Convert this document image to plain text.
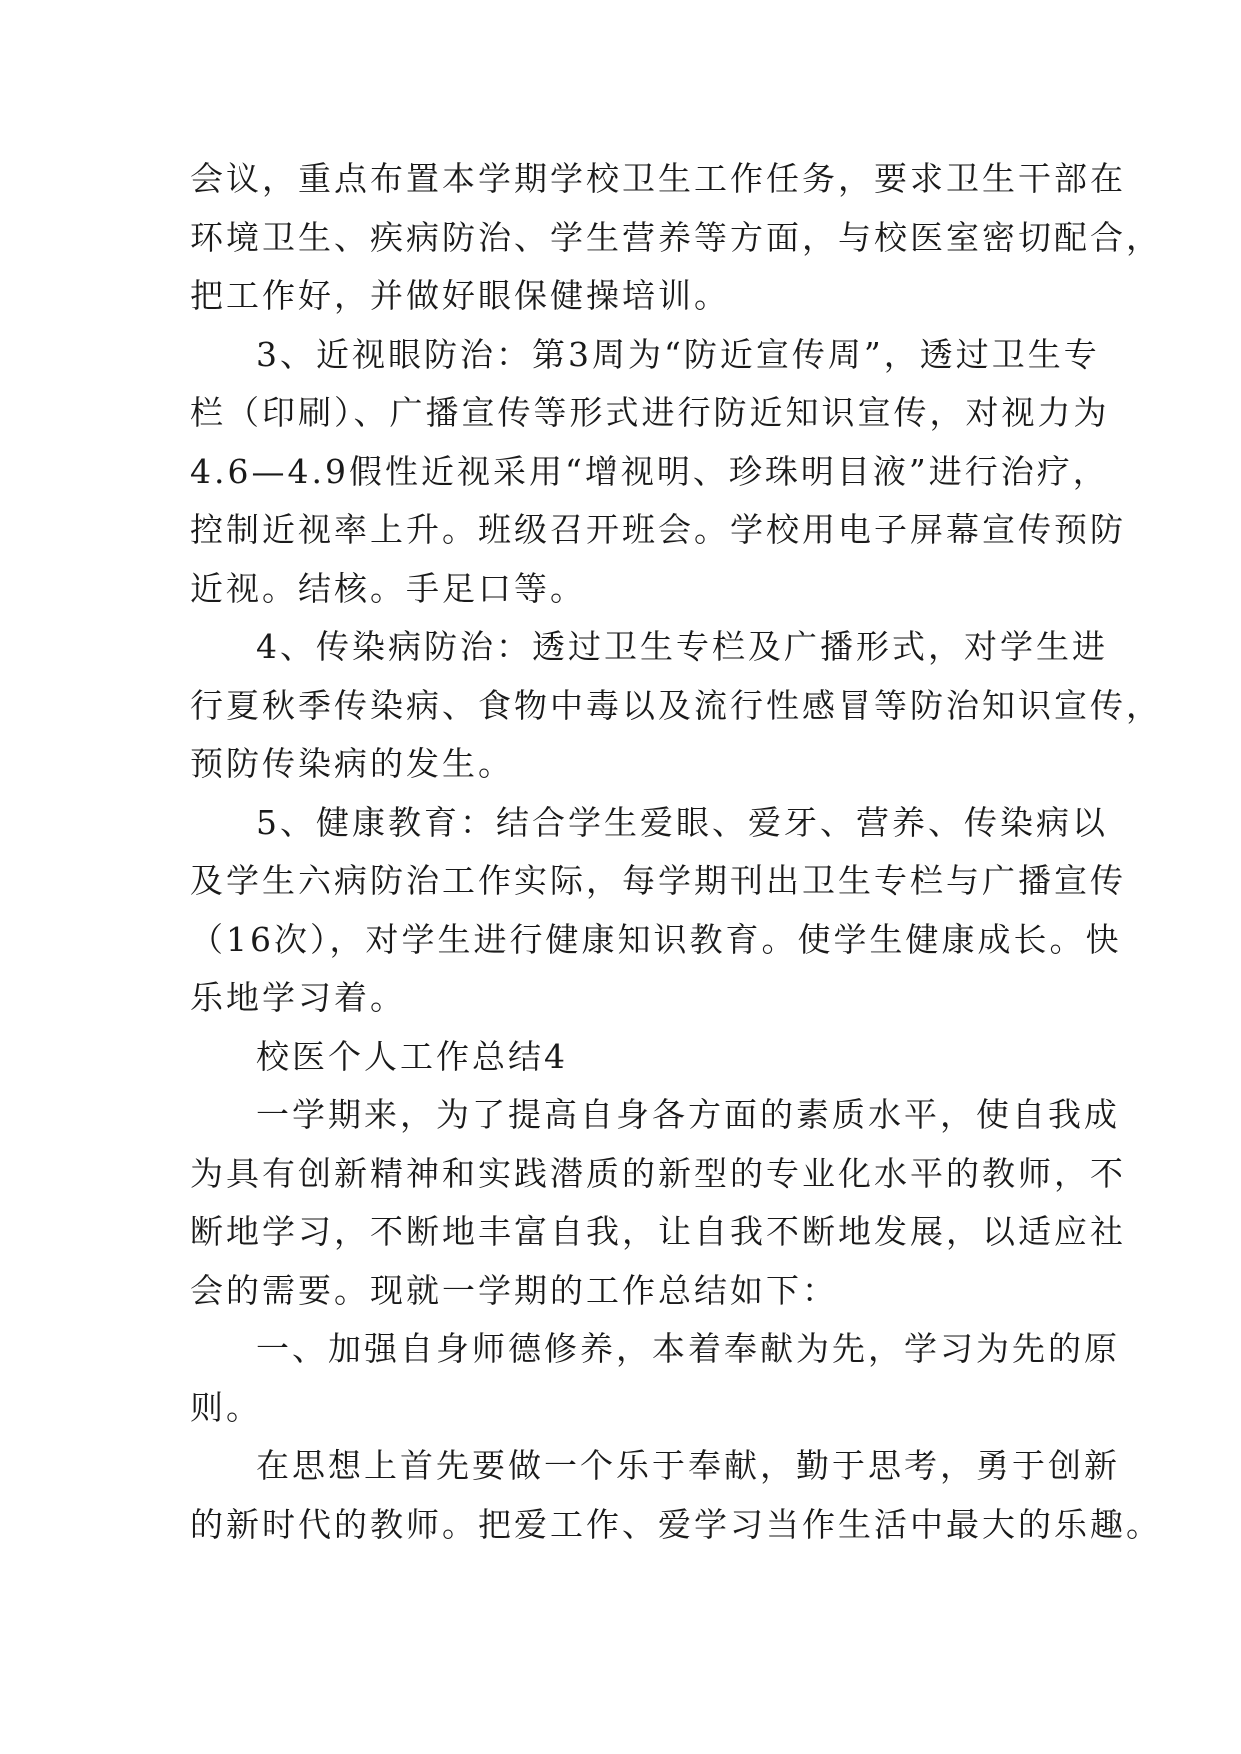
会议，重点布置本学期学校卫生工作任务，要求卫生干部在
环境卫生、疾病防治、学生营养等方面，与校医室密切配合，
把工作好，并做好眼保健操培训。
3、近视眼防治：第3周为“防近宣传周”，透过卫生专
栏（印刷）、广播宣传等形式进行防近知识宣传，对视力为
4.6—4.9假性近视采用“增视明、珍珠明目液”进行治疗，
控制近视率上升。班级召开班会。学校用电子屏幕宣传预防
近视。结核。手足口等。
4、传染病防治：透过卫生专栏及广播形式，对学生进
行夏秋季传染病、食物中毒以及流行性感冒等防治知识宣传，
预防传染病的发生。
5、健康教育：结合学生爱眼、爱牙、营养、传染病以
及学生六病防治工作实际，每学期刊出卫生专栏与广播宣传
（16次），对学生进行健康知识教育。使学生健康成长。快
乐地学习着。
校医个人工作总结4
一学期来，为了提高自身各方面的素质水平，使自我成
为具有创新精神和实践潜质的新型的专业化水平的教师，不
断地学习，不断地丰富自我，让自我不断地发展，以适应社
会的需要。现就一学期的工作总结如下：
一、加强自身师德修养，本着奉献为先，学习为先的原
则。
在思想上首先要做一个乐于奉献，勤于思考，勇于创新
的新时代的教师。把爱工作、爱学习当作生活中最大的乐趣。
